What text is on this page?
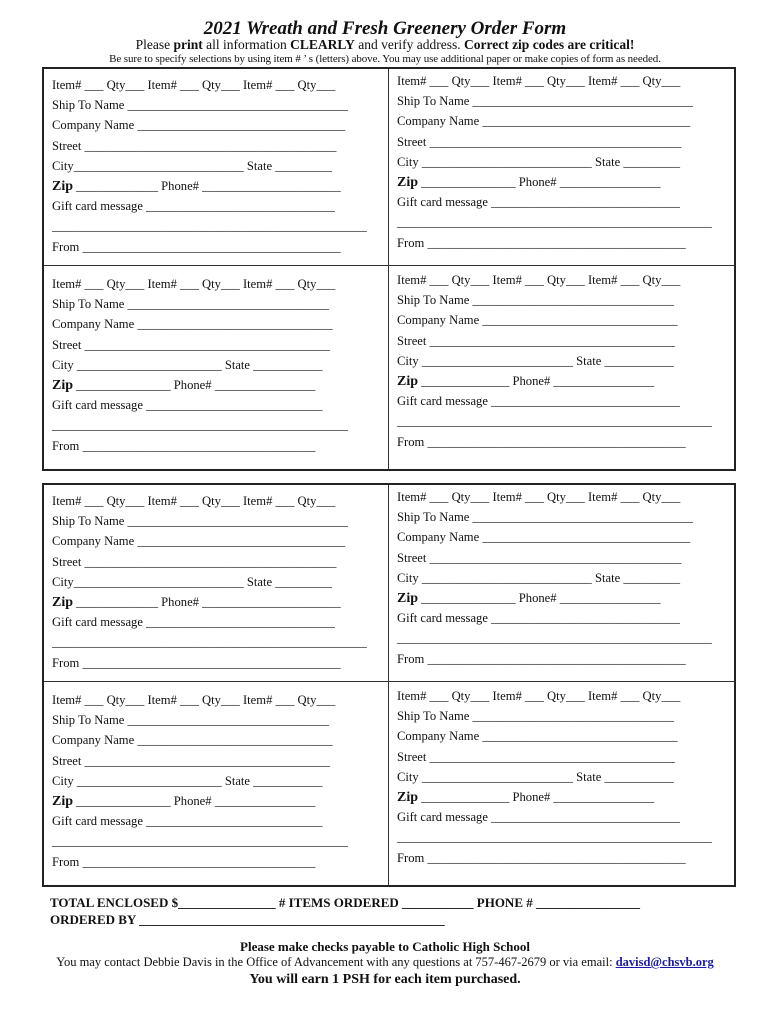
2021 Wreath and Fresh Greenery Order Form
Please print all information CLEARLY and verify address. Correct zip codes are critical!
Be sure to specify selections by using item # ’ s (letters) above. You may use additional paper or make copies of form as needed.
Item# ___ Qty___ Item# ___ Qty___ Item# ___ Qty___
Ship To Name ___________________________________
Company Name _________________________________
Street ________________________________________
City___________________________ State _________
Zip _____________ Phone# ______________________
Gift card message ______________________________
__________________________________________________
From _________________________________________
Item# ___ Qty___ Item# ___ Qty___ Item# ___ Qty___
Ship To Name ___________________________________
Company Name _________________________________
Street ________________________________________
City ___________________________ State _________
Zip _______________ Phone# ________________
Gift card message ______________________________
__________________________________________________
From _________________________________________
Item# ___ Qty___ Item# ___ Qty___ Item# ___ Qty___
Ship To Name ________________________________
Company Name _______________________________
Street _______________________________________
City _______________________ State ___________
Zip _______________ Phone# ________________
Gift card message ____________________________
_______________________________________________
From _____________________________________
Item# ___ Qty___ Item# ___ Qty___ Item# ___ Qty___
Ship To Name ________________________________
Company Name _______________________________
Street _______________________________________
City ________________________ State ___________
Zip ______________ Phone# ________________
Gift card message ______________________________
__________________________________________________
From _________________________________________
Item# ___ Qty___ Item# ___ Qty___ Item# ___ Qty___
Ship To Name ___________________________________
Company Name _________________________________
Street ________________________________________
City___________________________ State _________
Zip _____________ Phone# ______________________
Gift card message ______________________________
__________________________________________________
From _________________________________________
Item# ___ Qty___ Item# ___ Qty___ Item# ___ Qty___
Ship To Name ___________________________________
Company Name _________________________________
Street ________________________________________
City ___________________________ State _________
Zip _______________ Phone# ________________
Gift card message ______________________________
__________________________________________________
From _________________________________________
Item# ___ Qty___ Item# ___ Qty___ Item# ___ Qty___
Ship To Name ________________________________
Company Name _______________________________
Street _______________________________________
City _______________________ State ___________
Zip _______________ Phone# ________________
Gift card message ____________________________
_______________________________________________
From _____________________________________
Item# ___ Qty___ Item# ___ Qty___ Item# ___ Qty___
Ship To Name ________________________________
Company Name _______________________________
Street _______________________________________
City ________________________ State ___________
Zip ______________ Phone# ________________
Gift card message ______________________________
__________________________________________________
From _________________________________________
TOTAL ENCLOSED $_______________ # ITEMS ORDERED ___________ PHONE # ________________
ORDERED BY _______________________________________________
Please make checks payable to Catholic High School
You may contact Debbie Davis in the Office of Advancement with any questions at 757-467-2679 or via email: davisd@chsvb.org
You will earn 1 PSH for each item purchased.
